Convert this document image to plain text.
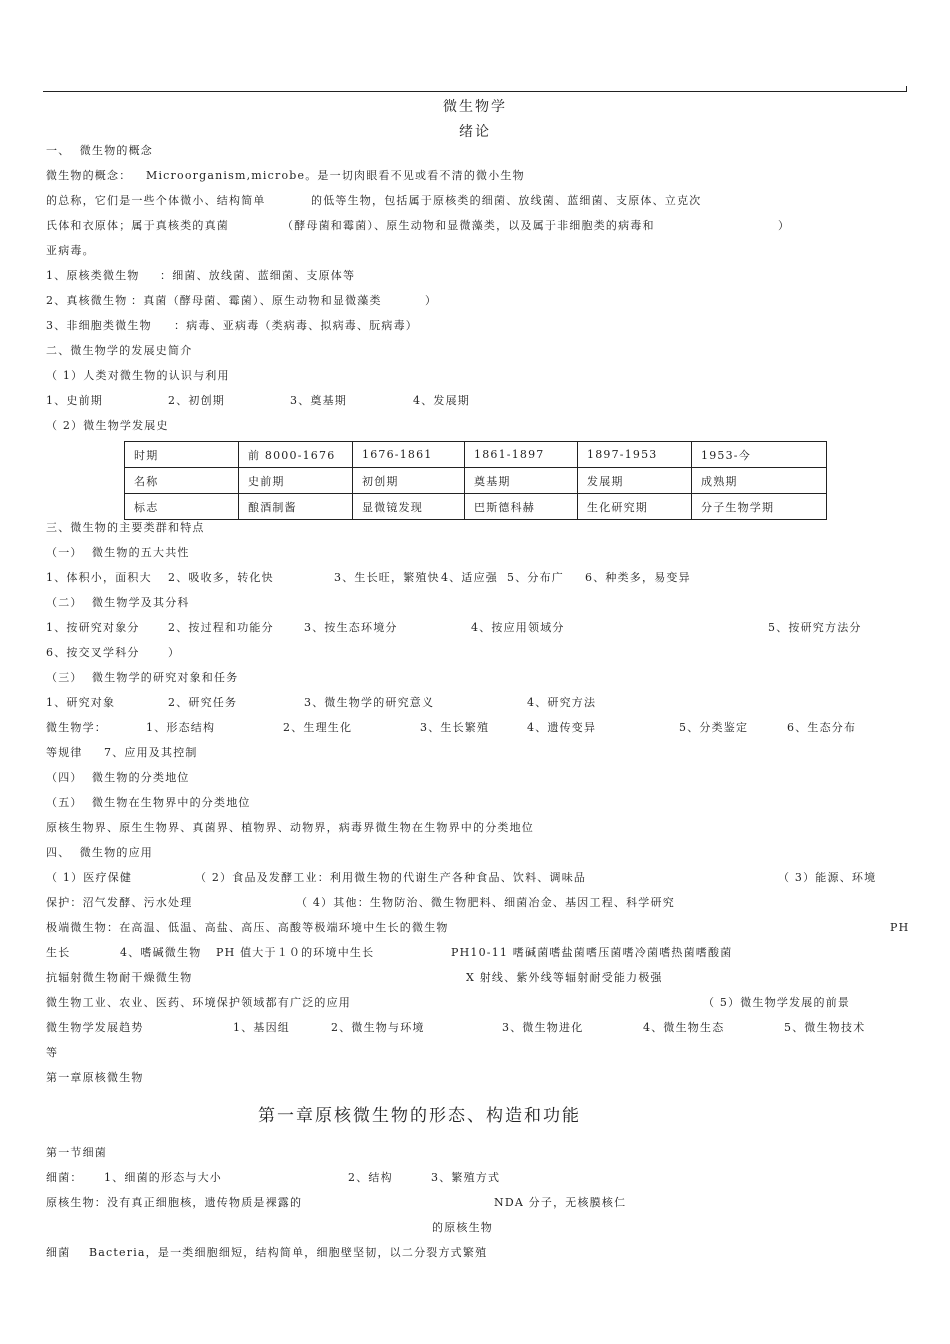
微生物学
绪论
一、  微生物的概念
微生物的概念： Microorganism,microbe。是一切肉眼看不见或看不清的微小生物
的总称，它们是一些个体微小、结构简单	的低等生物，包括属于原核类的细菌、放线菌、蓝细菌、支原体、立克次
氏体和衣原体；属于真核类的真菌	（酵母菌和霉菌）、原生动物和显微藻类，以及属于非细胞类的病毒和	）
亚病毒。
1、原核类微生物 ：细菌、放线菌、蓝细菌、支原体等
2、真核微生物 ：真菌（酵母菌、霉菌）、原生动物和显微藻类	）
3、非细胞类微生物 ：病毒、亚病毒（类病毒、拟病毒、朊病毒）
二、微生物学的发展史简介
（ 1）人类对微生物的认识与利用
1、史前期　　　	2、初创期　　　	3、奠基期　　　	4、发展期
（ 2）微生物学发展史
三、微生物的主要类群和特点
（一）  微生物的五大共性
1、体积小，面积大 2、吸收多，转化快	3、生长旺，繁殖快 4、适应强 5、分布广 6、种类多，易变异
（二）  微生物学及其分科
1、按研究对象分	2、按过程和功能分	3、按生态环境分	4、按应用领域分	5、按研究方法分
6、按交叉学科分	）
（三）  微生物学的研究对象和任务
1、研究对象	2、研究任务	3、微生物学的研究意义	4、研究方法
微生物学：	1、形态结构	2、生理生化	3、生长繁殖	4、遗传变异	5、分类鉴定	6、生态分布
等规律 7、应用及其控制
（四）  微生物的分类地位
（五）  微生物在生物界中的分类地位
原核生物界、原生生物界、真菌界、植物界、动物界，病毒界微生物在生物界中的分类地位
四、  微生物的应用
（ 1）医疗保健	（ 2）食品及发酵工业：利用微生物的代谢生产各种食品、饮料、调味品	（ 3）能源、环境
保护：沼气发酵、污水处理	（ 4）其他：生物防治、微生物肥料、细菌冶金、基因工程、科学研究
极端微生物：在高温、低温、高盐、高压、高酸等极端环境中生长的微生物	PH
生长	4、嗜碱微生物 PH 值大于１０的环境中生长	PH10-11 嗜碱菌嗜盐菌嗜压菌嗜冷菌嗜热菌嗜酸菌
抗辐射微生物耐干燥微生物	X 射线、紫外线等辐射耐受能力极强
微生物工业、农业、医药、环境保护领域都有广泛的应用	（ 5）微生物学发展的前景
微生物学发展趋势	1、基因组	2、微生物与环境	3、微生物进化	4、微生物生态	5、微生物技术
等
第一章原核微生物
第一节细菌
细菌： 1、细菌的形态与大小	2、结构	3、繁殖方式
原核生物：没有真正细胞核，遗传物质是裸露的	NDA 分子，无核膜核仁
的原核生物
细菌 Bacteria，是一类细胞细短，结构简单，细胞壁坚韧，以二分裂方式繁殖
时期	前 8000-1676	1676-1861	1861-1897	1897-1953	1953-今
名称	史前期	初创期	奠基期	发展期	成熟期
标志	酿酒制酱	显微镜发现	巴斯德科赫	生化研究期	分子生物学期
第一章原核微生物的形态、构造和功能
